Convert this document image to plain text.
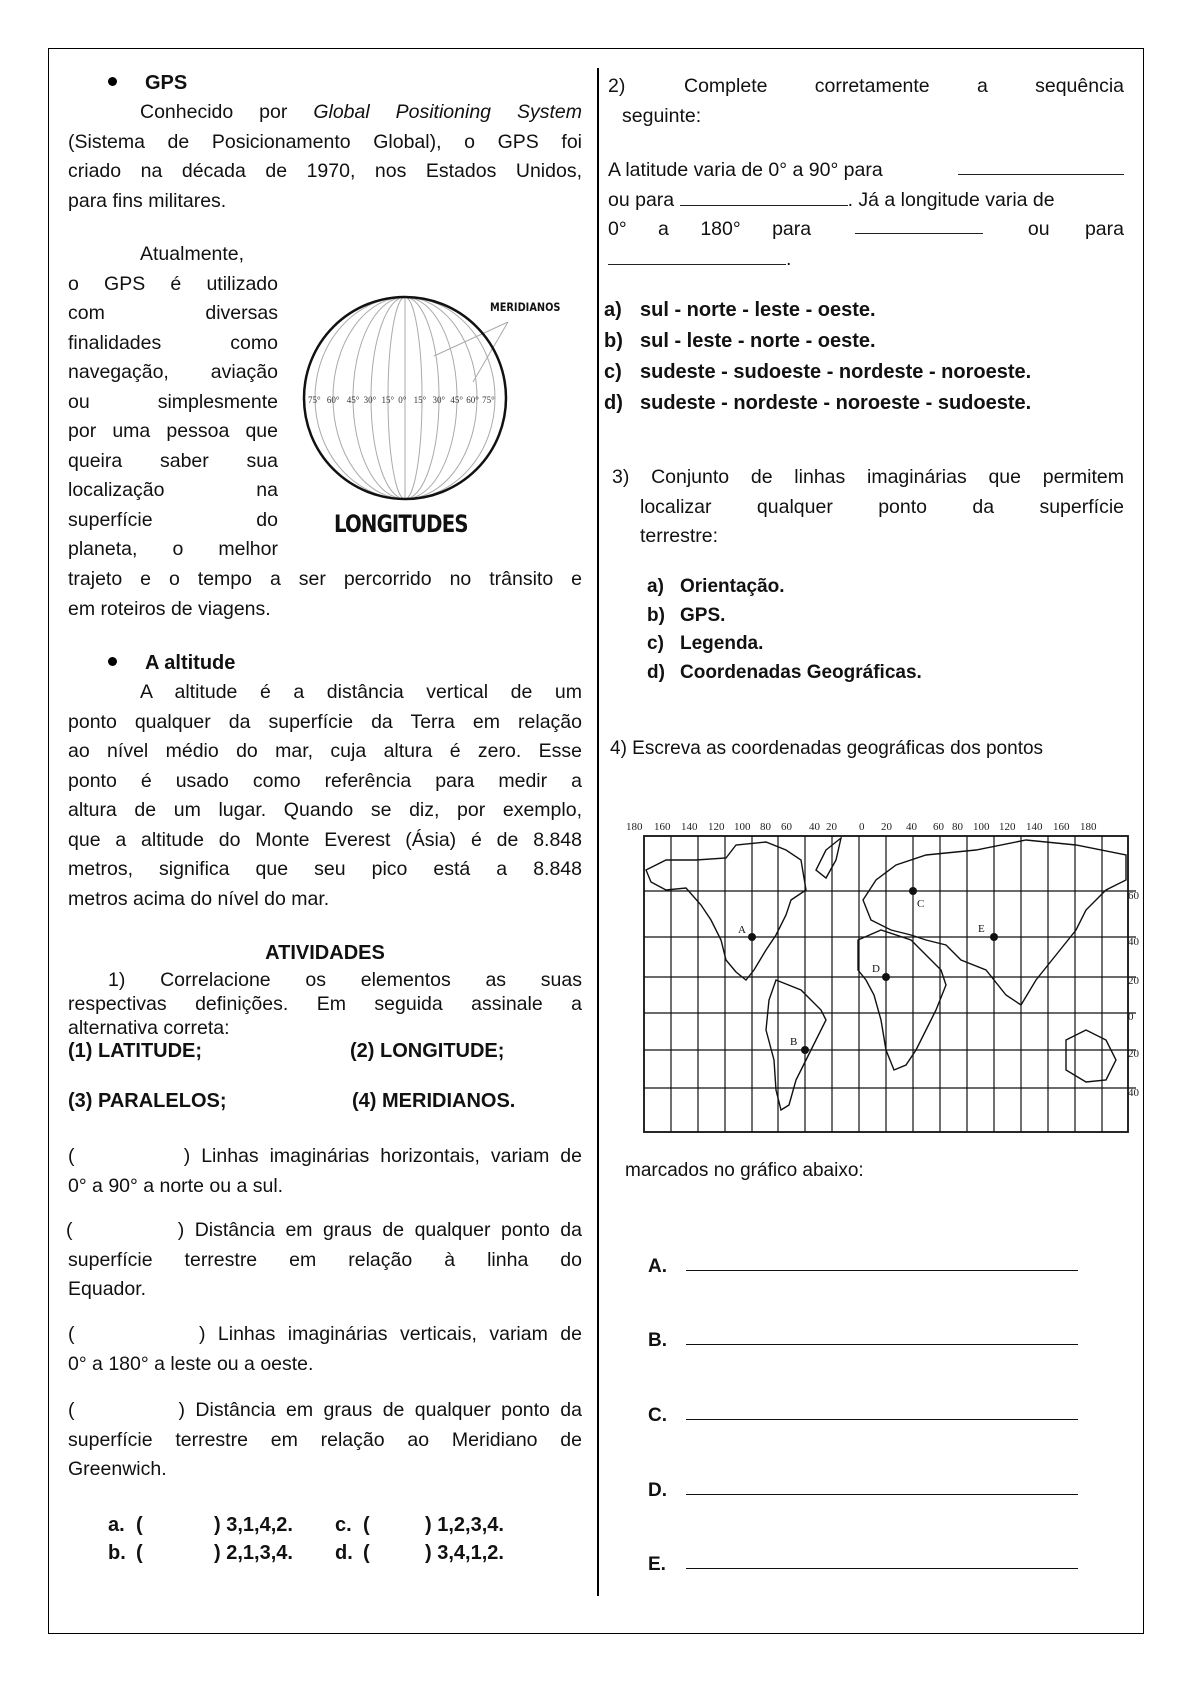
GPS
Conhecido por Global Positioning System
(Sistema de Posicionamento Global), o GPS foi
criado na década de 1970, nos Estados Unidos,
para fins militares.
Atualmente,
o GPS é utilizado
com diversas
finalidades como
navegação, aviação
ou simplesmente
por uma pessoa que
queira saber sua
localização na
superfície do
planeta, o melhor
75° 60° 45° 30° 15° 0° 15° 30° 45° 60° 75°
MERIDIANOS
LONGITUDES
trajeto e o tempo a ser percorrido no trânsito e
em roteiros de viagens.
A altitude
A altitude é a distância vertical de um
ponto qualquer da superfície da Terra em relação
ao nível médio do mar, cuja altura é zero. Esse
ponto é usado como referência para medir a
altura de um lugar. Quando se diz, por exemplo,
que a altitude do Monte Everest (Ásia) é de 8.848
metros, significa que seu pico está a 8.848
metros acima do nível do mar.
ATIVIDADES
1) Correlacione os elementos as suas
respectivas definições. Em seguida assinale a
alternativa correta:
(1) LATITUDE;	(2) LONGITUDE;
(3) PARALELOS;	(4) MERIDIANOS.
(          ) Linhas imaginárias horizontais, variam de
0° a 90° a norte ou a sul.
(          ) Distância em graus de qualquer ponto da
superfície terrestre em relação à linha do
Equador.
(          ) Linhas imaginárias verticais, variam de
0° a 180° a leste ou a oeste.
(          ) Distância em graus de qualquer ponto da
superfície terrestre em relação ao Meridiano de
Greenwich.
a. (	) 3,1,4,2. c. (	) 1,2,3,4.
b. (	) 2,1,3,4. d. (	) 3,4,1,2.
2)	Complete corretamente a sequência
seguinte:
A latitude varia de 0° a 90° para
ou para	. Já a longitude varia de
0° a 180° para	ou para
.
a) sul - norte - leste - oeste.
b) sul - leste - norte - oeste.
c) sudeste - sudoeste - nordeste - noroeste.
d) sudeste - nordeste - noroeste - sudoeste.
3) Conjunto de linhas imaginárias que permitem
localizar qualquer ponto da superfície
terrestre:
a) Orientação.
b) GPS.
c) Legenda.
d) Coordenadas Geográficas.
4) Escreva as coordenadas geográficas dos pontos
180 160 140 120 100 80 60 40 20 0 20 40 60 80 100 120 140 160 180
60
40
20
0
20
40
A
B
C
D
E
marcados no gráfico abaixo:
A.
B.
C.
D.
E.
